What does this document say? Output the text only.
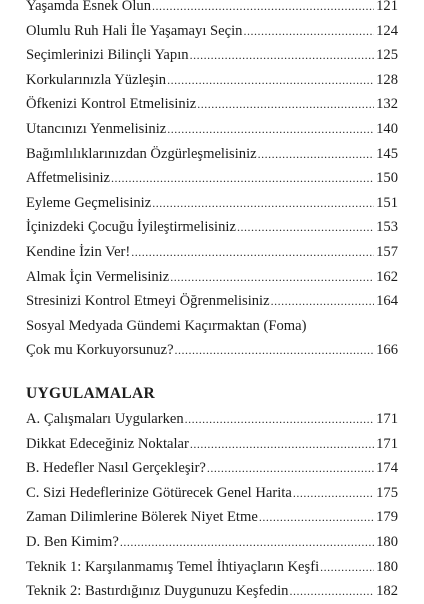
Yaşamda Esnek Olun .....	121
Olumlu Ruh Hali İle Yaşamayı Seçin .....	124
Seçimlerinizi Bilinçli Yapın .....	125
Korkularınızla Yüzleşin .....	128
Öfkenizi Kontrol Etmelisiniz .....	132
Utancınızı Yenmelisiniz .....	140
Bağımlılıklarınızdan Özgürleşmelisiniz .....	145
Affetmelisiniz .....	150
Eyleme Geçmelisiniz .....	151
İçinizdeki Çocuğu İyileştirmelisiniz .....	153
Kendine İzin Ver! .....	157
Almak İçin Vermelisiniz .....	162
Stresinizi Kontrol Etmeyi Öğrenmelisiniz .....	164
Sosyal Medyada Gündemi Kaçırmaktan (Foma)
Çok mu Korkuyorsunuz? .....	166
UYGULAMALAR
A. Çalışmaları Uygularken .....	171
Dikkat Edeceğiniz Noktalar .....	171
B. Hedefler Nasıl Gerçekleşir? .....	174
C. Sizi Hedeflerinize Götürecek Genel Harita .....	175
Zaman Dilimlerine Bölerek Niyet Etme .....	179
D. Ben Kimim? .....	180
Teknik 1: Karşılanmamış Temel İhtiyaçların Keşfi .....	180
Teknik 2: Bastırdığınız Duygunuzu Keşfedin .....	182
